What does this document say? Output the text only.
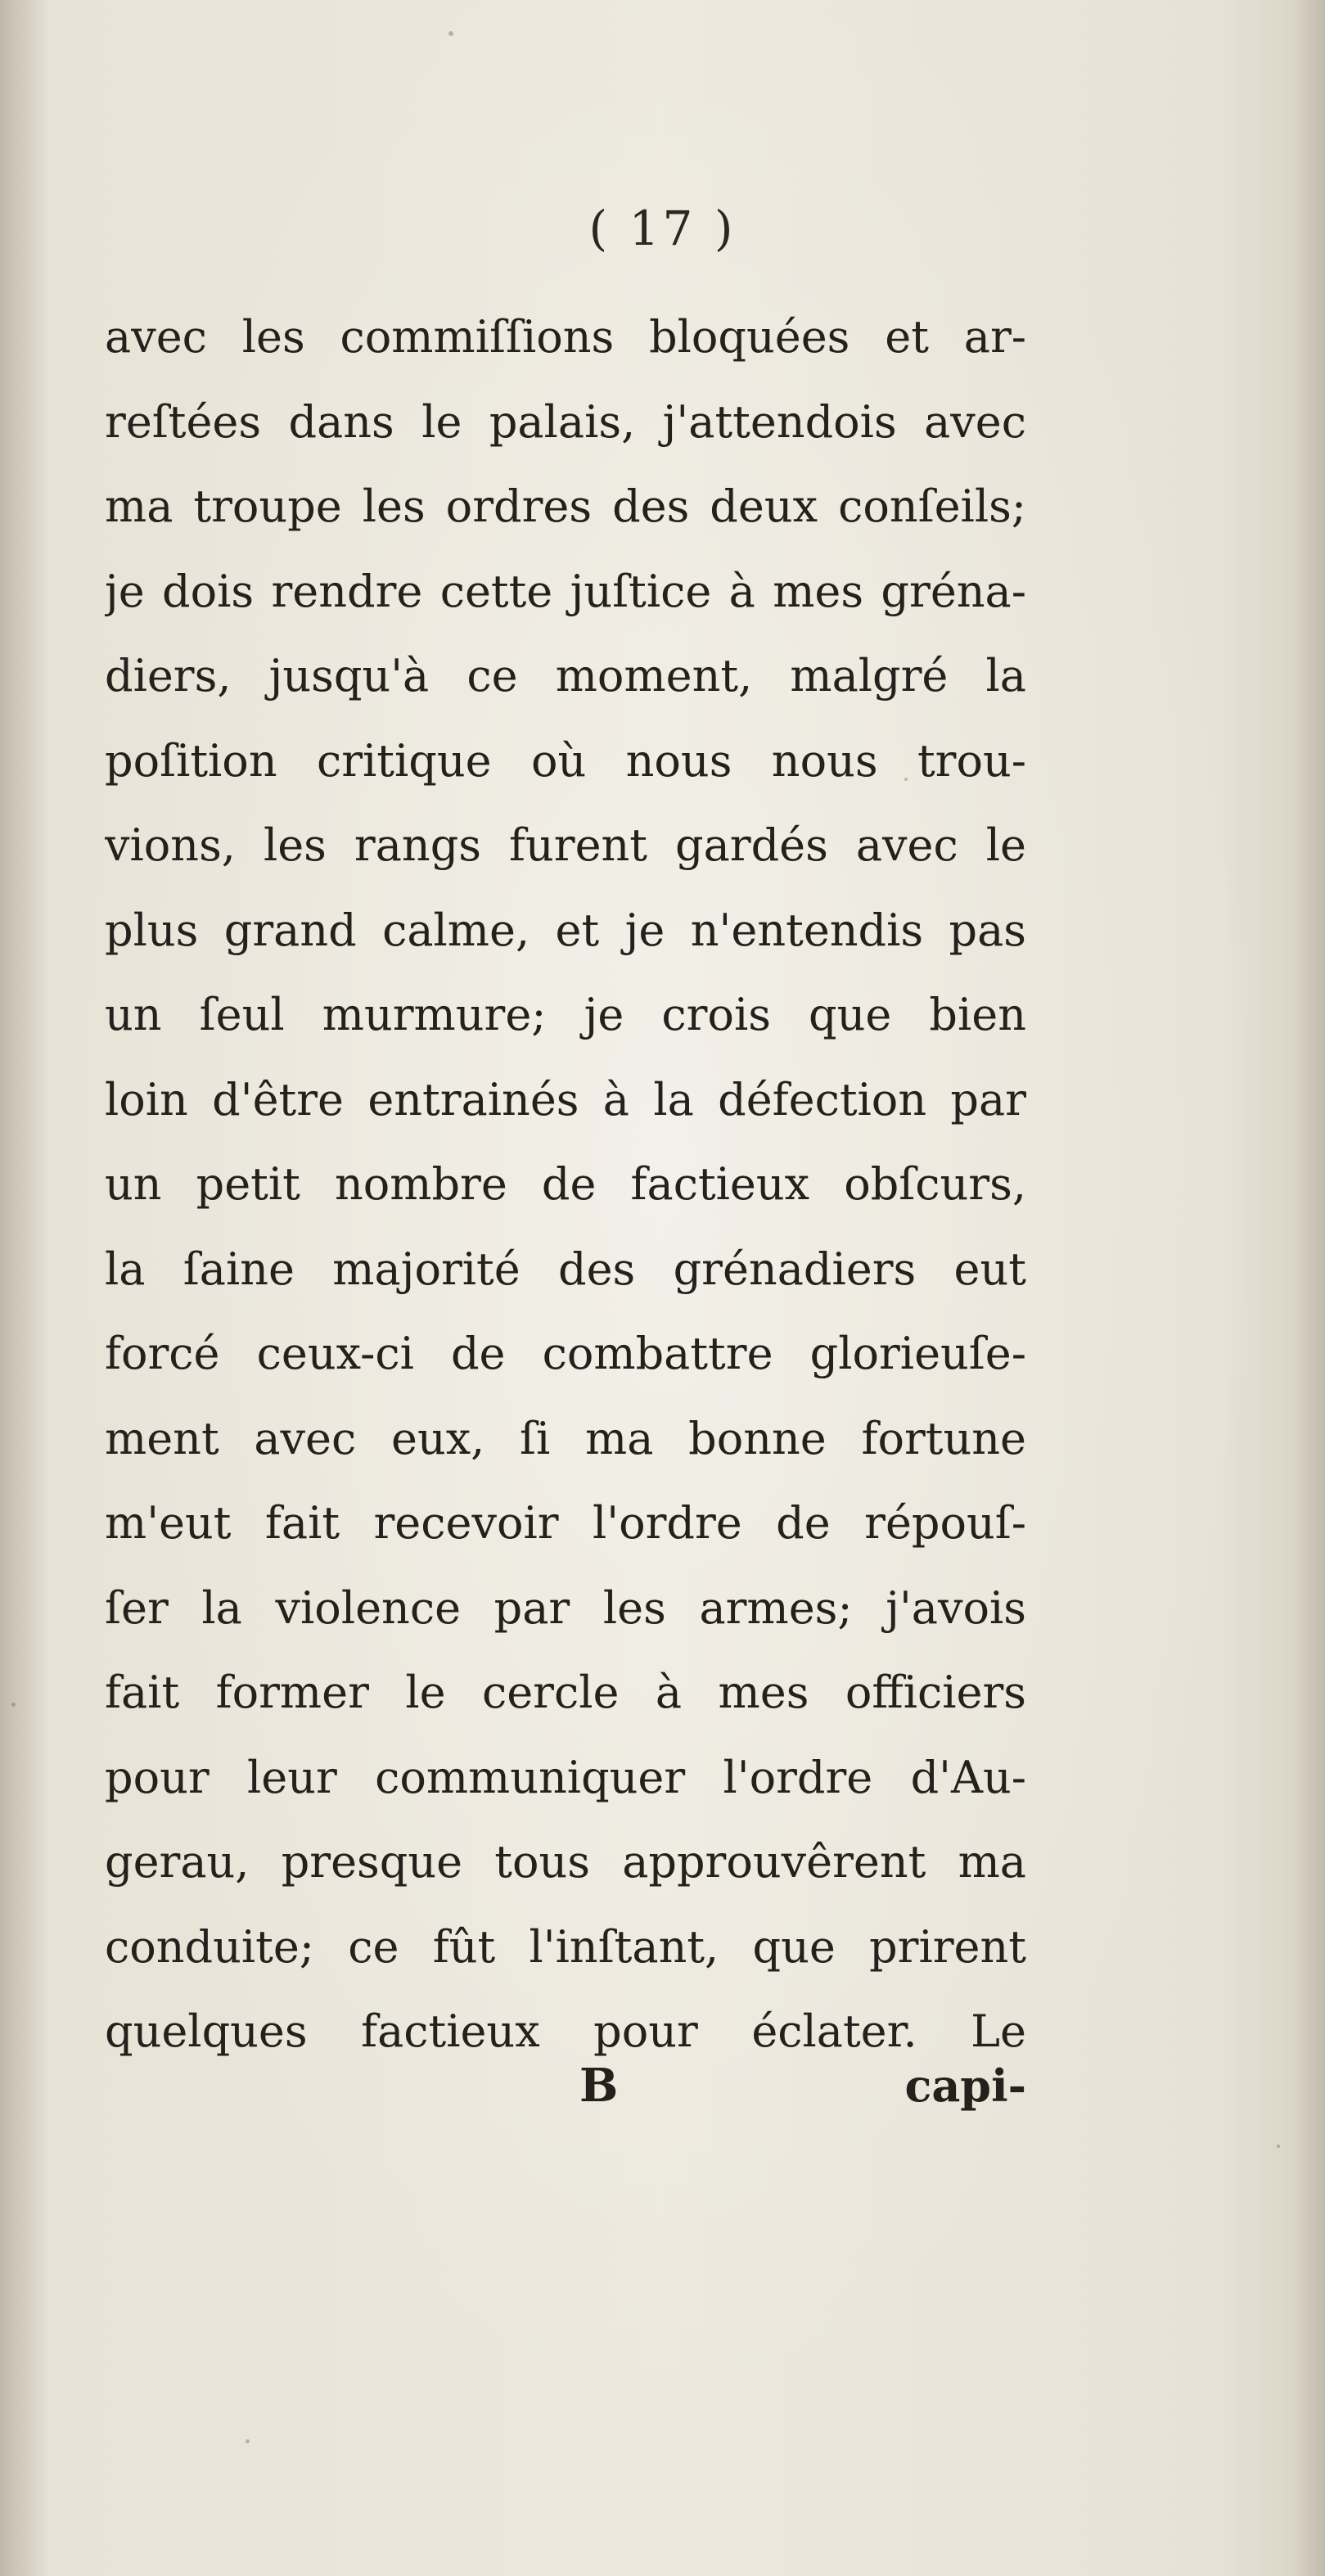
( 17 )
avec les commiſſions bloquées et ar-
reſtées dans le palais, j'attendois avec
ma troupe les ordres des deux conſeils;
je dois rendre cette juſtice à mes gréna-
diers, jusqu'à ce moment, malgré la
poſition critique où nous nous trou-
vions, les rangs furent gardés avec le
plus grand calme, et je n'entendis pas
un ſeul murmure; je crois que bien
loin d'être entrainés à la défection par
un petit nombre de factieux obſcurs,
la ſaine majorité des grénadiers eut
forcé ceux-ci de combattre glorieuſe-
ment avec eux, ſi ma bonne fortune
m'eut fait recevoir l'ordre de répouſ-
ſer la violence par les armes; j'avois
fait former le cercle à mes officiers
pour leur communiquer l'ordre d'Au-
gerau, presque tous approuvêrent ma
conduite; ce fût l'inſtant, que prirent
quelques factieux pour éclater. Le
B	capi-
